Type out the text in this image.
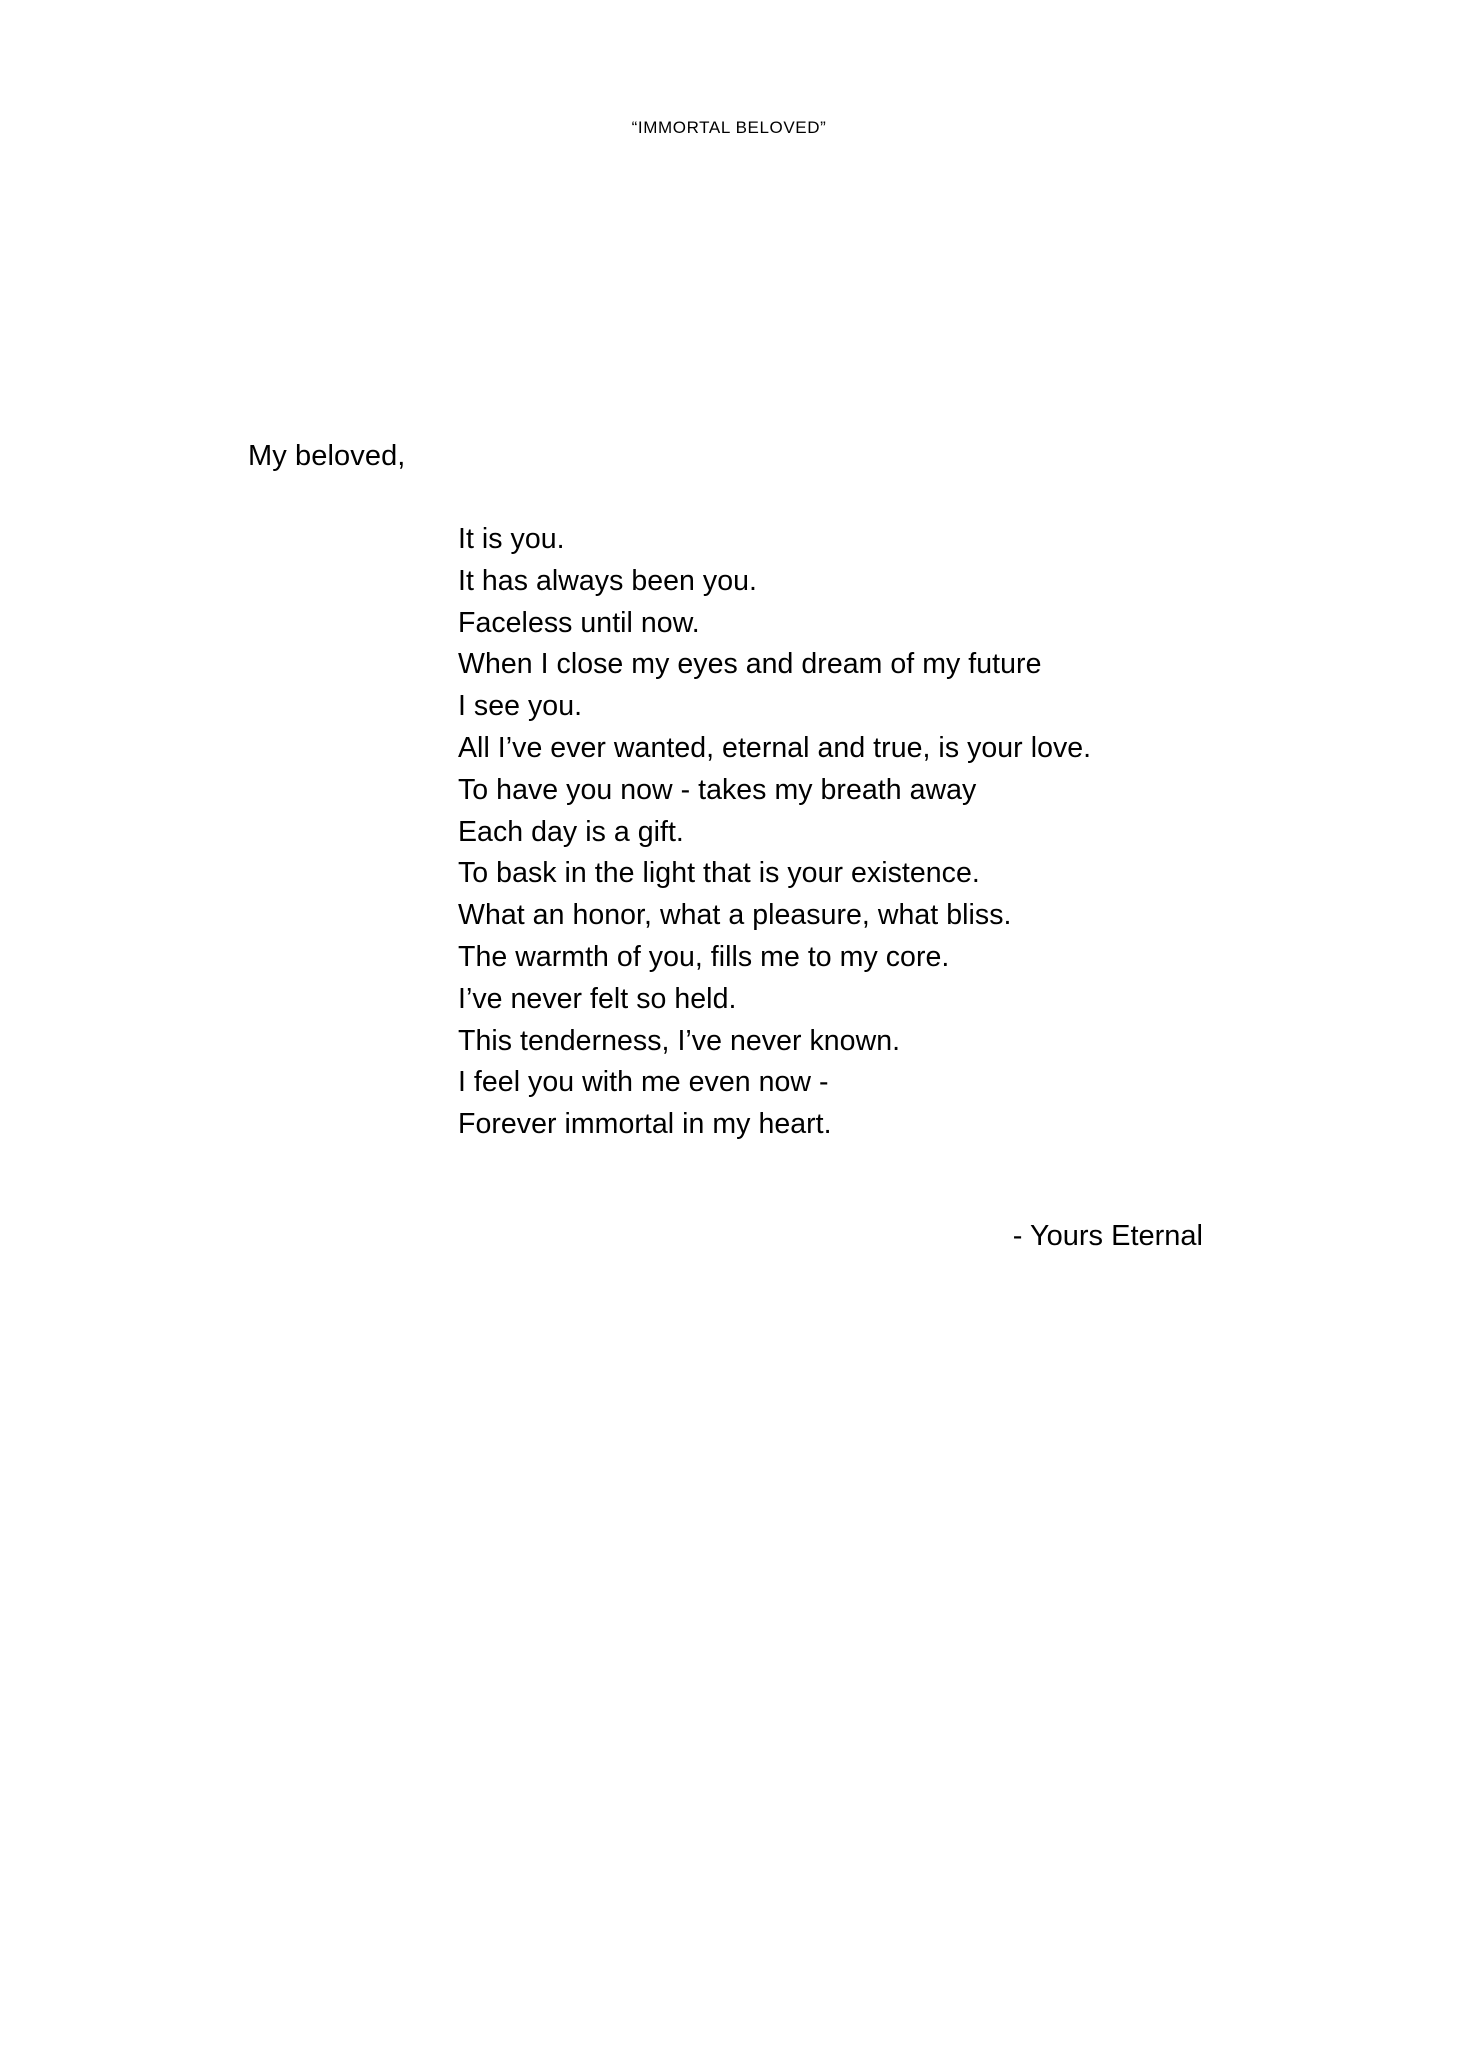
“IMMORTAL BELOVED”
My beloved,
It is you.
It has always been you.
Faceless until now.
When I close my eyes and dream of my future
I see you.
All I’ve ever wanted, eternal and true, is your love.
To have you now - takes my breath away
Each day is a gift.
To bask in the light that is your existence.
What an honor, what a pleasure, what bliss.
The warmth of you, fills me to my core.
I’ve never felt so held.
This tenderness, I’ve never known.
I feel you with me even now -
Forever immortal in my heart.
- Yours Eternal
